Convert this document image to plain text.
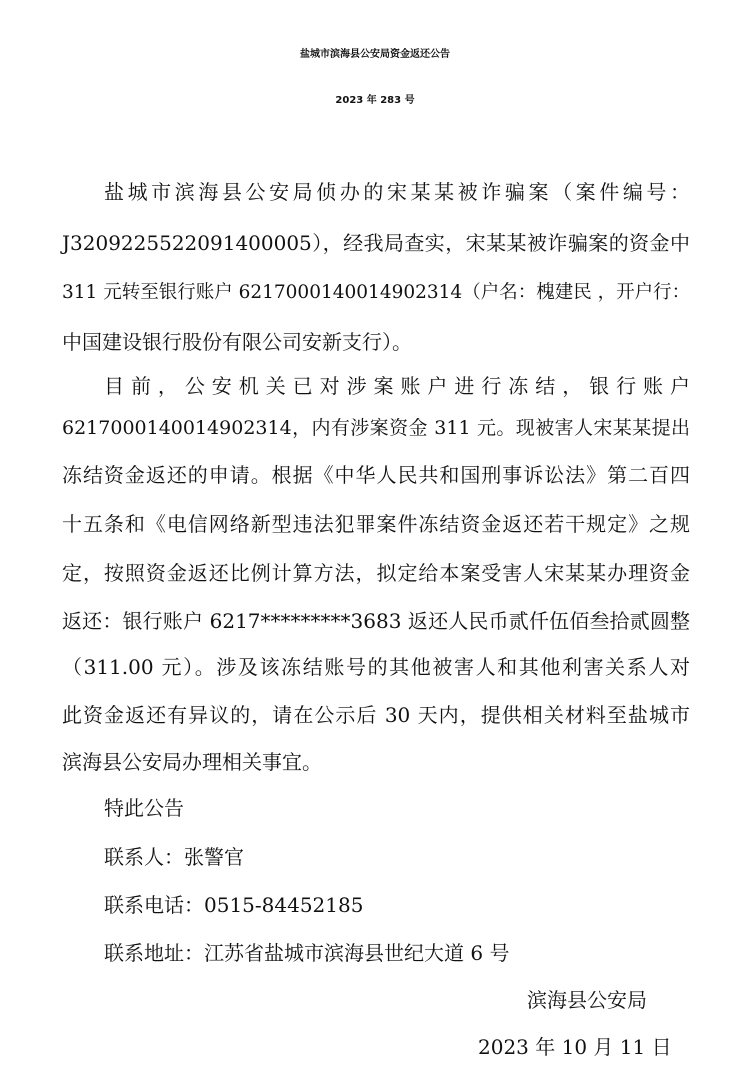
盐城市滨海县公安局资金返还公告
2023 年 283 号
盐城市滨海县公安局侦办的宋某某被诈骗案（案件编号：
J3209225522091400005），经我局查实，宋某某被诈骗案的资金中
311 元转至银行账户 6217000140014902314（户名：槐建民 ，开户行：
中国建设银行股份有限公司安新支行）。
目前，公安机关已对涉案账户进行冻结，银行账户
6217000140014902314，内有涉案资金 311 元。现被害人宋某某提出
冻结资金返还的申请。根据《中华人民共和国刑事诉讼法》第二百四
十五条和《电信网络新型违法犯罪案件冻结资金返还若干规定》之规
定，按照资金返还比例计算方法，拟定给本案受害人宋某某办理资金
返还：银行账户 6217*********3683 返还人民币贰仟伍佰叁拾贰圆整
（311.00 元）。涉及该冻结账号的其他被害人和其他利害关系人对
此资金返还有异议的，请在公示后 30 天内，提供相关材料至盐城市
滨海县公安局办理相关事宜。
特此公告
联系人：张警官
联系电话：0515-84452185
联系地址：江苏省盐城市滨海县世纪大道 6 号
滨海县公安局
2023 年 10 月 11 日
